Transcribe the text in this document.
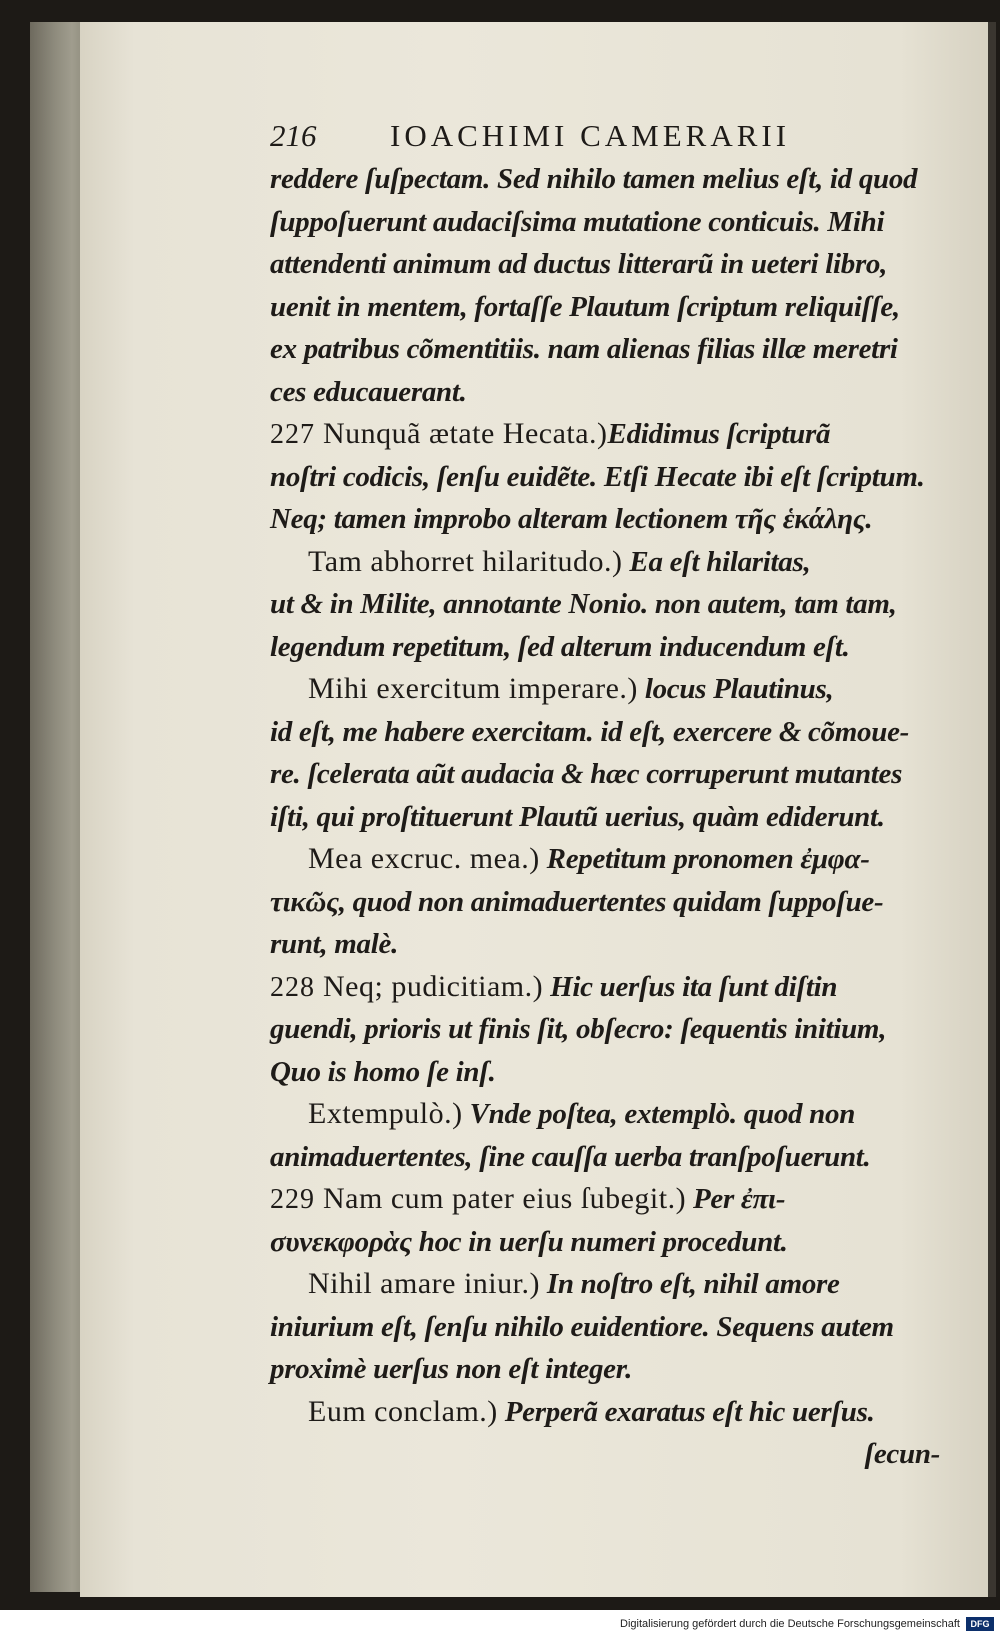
216	IOACHIMI CAMERARII
reddere ſuſpectam. Sed nihilo tamen melius eſt, id quod
ſuppoſuerunt audaciſsima mutatione conticuis. Mihi
attendenti animum ad ductus litterarũ in ueteri libro,
uenit in mentem, fortaſſe Plautum ſcriptum reliquiſſe,
ex patribus cõmentitiis. nam alienas filias illæ meretri
ces educauerant.
227 Nunquã ætate Hecata.)Edidimus ſcripturã
noſtri codicis, ſenſu euidẽte. Etſi Hecate ibi eſt ſcriptum.
Neq; tamen improbo alteram lectionem τῆς ἑκάλης.
Tam abhorret hilaritudo.) Ea eſt hilaritas,
ut & in Milite, annotante Nonio. non autem, tam tam,
legendum repetitum, ſed alterum inducendum eſt.
Mihi exercitum imperare.) locus Plautinus,
id eſt, me habere exercitam. id eſt, exercere & cõmoue-
re. ſcelerata aũt audacia & hæc corruperunt mutantes
iſti, qui proſtituerunt Plautũ uerius, quàm ediderunt.
Mea excruc. mea.) Repetitum pronomen ἐμφα-
τικῶς, quod non animaduertentes quidam ſuppoſue-
runt, malè.
228 Neq; pudicitiam.) Hic uerſus ita ſunt diſtin
guendi, prioris ut finis ſit, obſecro: ſequentis initium,
Quo is homo ſe inſ.
Extempulò.) Vnde poſtea, extemplò. quod non
animaduertentes, ſine cauſſa uerba tranſpoſuerunt.
229 Nam cum pater eius ſubegit.) Per ἐπι-
συνεκφορὰς hoc in uerſu numeri procedunt.
Nihil amare iniur.) In noſtro eſt, nihil amore
iniurium eſt, ſenſu nihilo euidentiore. Sequens autem
proximè uerſus non eſt integer.
Eum conclam.) Perperã exaratus eſt hic uerſus.
ſecun-
Digitalisierung gefördert durch die Deutsche Forschungsgemeinschaft	DFG
